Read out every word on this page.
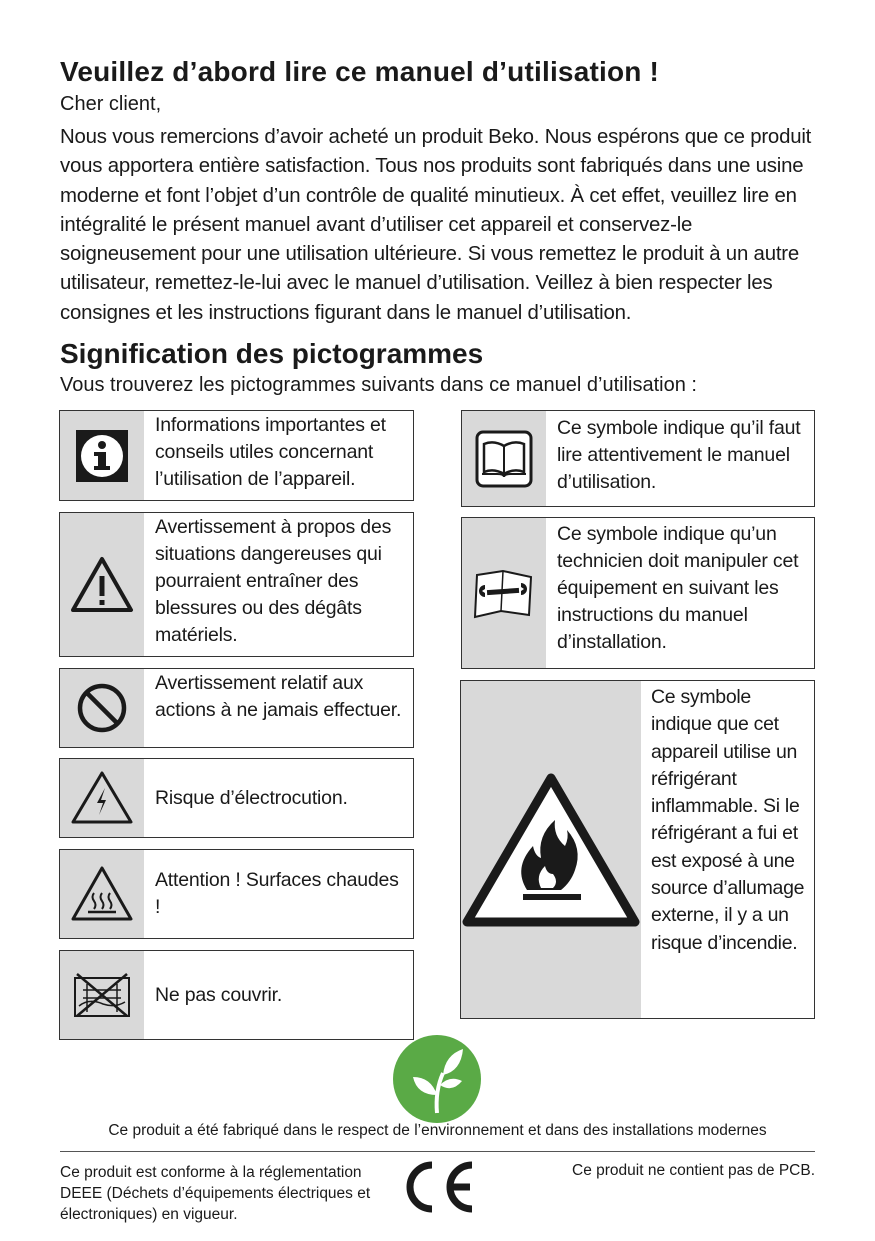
Veuillez d’abord lire ce manuel d’utilisation !
Cher client,
Nous vous remercions d’avoir acheté un produit Beko. Nous espérons que ce produit vous apportera entière satisfaction. Tous nos produits sont fabriqués dans une usine moderne et font l’objet d’un contrôle de qualité minutieux. À cet effet, veuillez lire en intégralité le présent manuel avant d’utiliser cet appareil et conservez-le soigneusement pour une utilisation ultérieure. Si vous remettez le produit à un autre utilisateur, remettez-le-lui avec le manuel d’utilisation. Veillez à bien respecter les consignes et les instructions figurant dans le manuel d’utilisation.
Signification des pictogrammes
Vous trouverez les pictogrammes suivants dans ce manuel d’utilisation :
Informations importantes et conseils utiles concernant l’utilisation de l’appareil.
Avertissement à propos des situations dangereuses qui pourraient entraîner des blessures ou des dégâts matériels.
Avertissement relatif aux actions à ne jamais effectuer.
Risque d’électrocution.
Attention ! Surfaces chaudes !
Ne pas couvrir.
Ce symbole indique qu’il faut lire attentivement le manuel d’utilisation.
Ce symbole indique qu’un technicien doit manipuler cet équipement en suivant les instructions du manuel d’installation.
Ce symbole indique que cet appareil utilise un réfrigérant inflammable. Si le réfrigérant a fui et est exposé à une source d’allumage externe, il y a un risque d’incendie.
Ce produit a été fabriqué dans le respect de l’environnement et dans des installations modernes
Ce produit est conforme à la réglementation DEEE (Déchets d’équipements électriques et électroniques) en vigueur.
Ce produit ne contient pas de PCB.
